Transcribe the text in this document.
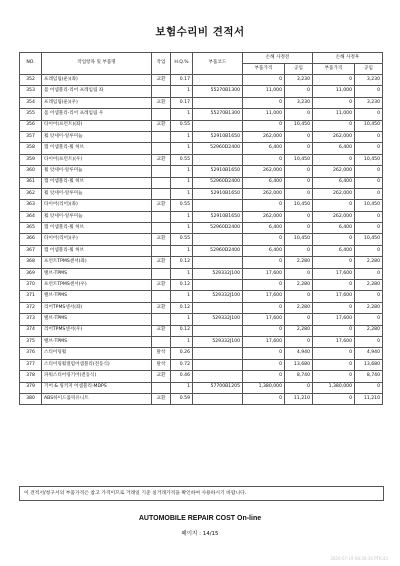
보험수리비 견적서
NO.	작업항목 및 부품명	작업	H.Q.%	부품코드	손해 사정전		손해 사정후	
					부품가격	공임	부품가격	공임
352	프레임림(운)(좌)	교환	0.17		0	3,230	0	3,230
353	몸 어셈블리-리어 프레임림 좌		1	55270B1300	11,000	0	11,000	0
354	프레임림(운)(우)	교환	0.17		0	3,230	0	3,230
355	몸 어셈블리-리어 프레임림 우		1	55270B1300	11,000	0	11,000	0
356	타이어(프런트)(좌)	교환	0.55		0	10,450	0	10,450
357	휠 앗세이-알루미늄		1	52910B1650	262,000	0	262,000	0
358	캡 어셈블리-휠 허브		1	52960D2400	6,400	0	6,400	0
359	타이어(프런트)(우)	교환	0.55		0	10,450	0	10,450
360	휠 앗세이-알루미늄		1	52910B1650	262,000	0	262,000	0
361	캡 어셈블리-휠 허브		1	52960D2400	6,400	0	6,400	0
362	휠 앗세이-알루미늄		1	52910B1650	262,000	0	262,000	0
363	타이어(리어)(좌)	교환	0.55		0	10,450	0	10,450
364	휠 앗세이-알루미늄		1	52910B1650	262,000	0	262,000	0
365	캡 어셈블리-휠 허브		1	52960D2400	6,400	0	6,400	0
366	타이어(리어)(우)	교환	0.55		0	10,450	0	10,450
367	캡 어셈블리-휠 허브		1	52960D2400	6,400	0	6,400	0
368	프런트TPMS센서(좌)	교환	0.12		0	2,280	0	2,280
369	밸브-TPMS		1	529332J100	17,600	0	17,600	0
370	프런트TPMS센서(우)	교환	0.12		0	2,280	0	2,280
371	밸브-TPMS		1	529332J100	17,600	0	17,600	0
372	리어TPMS센서(좌)	교환	0.12		0	2,280	0	2,280
373	밸브-TPMS		1	529332J100	17,600	0	17,600	0
374	리어TPMS센서(우)	교환	0.12		0	2,280	0	2,280
375	밸브-TPMS		1	529332J100	17,600	0	17,600	0
376	스티어링휠	탈착	0.26		0	4,940	0	4,940
377	스티어링휠컬럼어셈블리(전동식)	탈착	0.72		0	13,680	0	13,680
378	파워스티어링기어(전동식)	교환	0.46		0	8,740	0	8,740
379	기어 & 링키지 어셈블리-MDPS		1	57700B1205	1,380,000	0	1,380,000	0
380	ABS하이드롤릭유니트	교환	0.59		0	11,210	0	11,210
이 견적서/청구서의 부품가격은 참고 가격이므로 거래일 기준 실거래가격을 확인하여 사용하시기 바랍니다.
AUTOMOBILE REPAIR COST On-line
페이지 : 14/15
2020-07-19 08:30:16 PTIC43
